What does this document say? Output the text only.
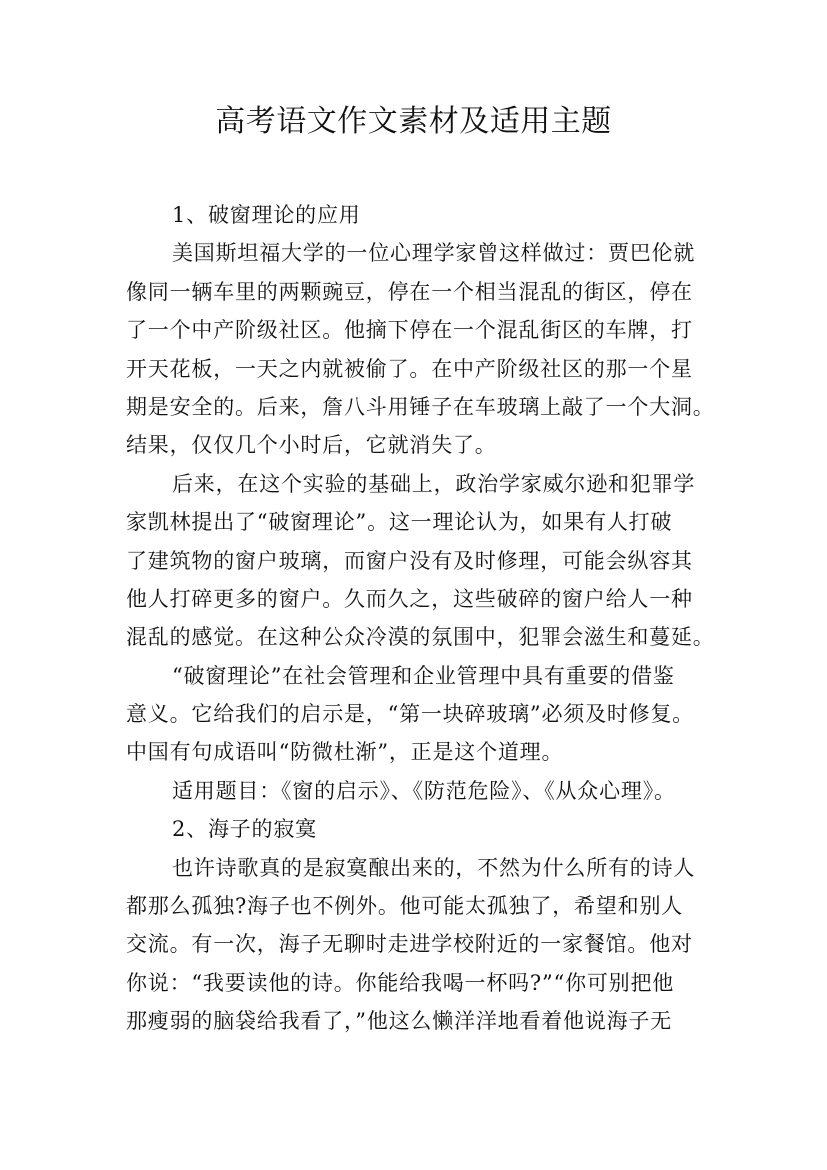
高考语文作文素材及适用主题
1、破窗理论的应用
美国斯坦福大学的一位心理学家曾这样做过：贾巴伦就
像同一辆车里的两颗豌豆，停在一个相当混乱的街区，停在
了一个中产阶级社区。他摘下停在一个混乱街区的车牌，打
开天花板，一天之内就被偷了。在中产阶级社区的那一个星
期是安全的。后来，詹八斗用锤子在车玻璃上敲了一个大洞。
结果，仅仅几个小时后，它就消失了。
后来，在这个实验的基础上，政治学家威尔逊和犯罪学
家凯林提出了“破窗理论”。这一理论认为，如果有人打破
了建筑物的窗户玻璃，而窗户没有及时修理，可能会纵容其
他人打碎更多的窗户。久而久之，这些破碎的窗户给人一种
混乱的感觉。在这种公众冷漠的氛围中，犯罪会滋生和蔓延。
“破窗理论”在社会管理和企业管理中具有重要的借鉴
意义。它给我们的启示是，“第一块碎玻璃”必须及时修复。
中国有句成语叫“防微杜渐”，正是这个道理。
适用题目：《窗的启示》、《防范危险》、《从众心理》。
2、海子的寂寞
也许诗歌真的是寂寞酿出来的，不然为什么所有的诗人
都那么孤独?海子也不例外。他可能太孤独了，希望和别人
交流。有一次，海子无聊时走进学校附近的一家餐馆。他对
你说：“我要读他的诗。你能给我喝一杯吗?”“你可别把他
那瘦弱的脑袋给我看了，”他这么懒洋洋地看着他说海子无
